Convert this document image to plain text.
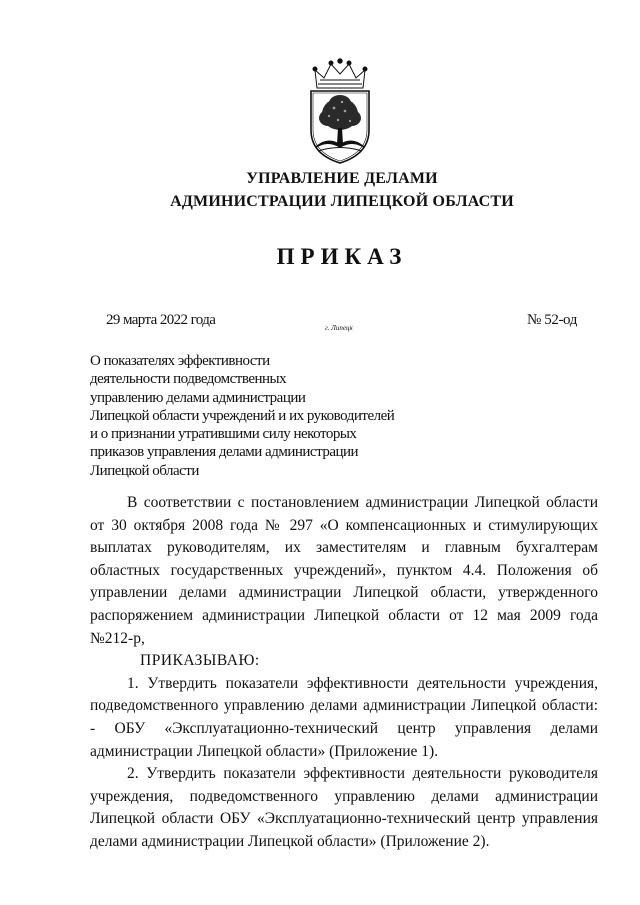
УПРАВЛЕНИЕ ДЕЛАМИ
АДМИНИСТРАЦИИ ЛИПЕЦКОЙ ОБЛАСТИ
ПРИКАЗ
29 марта 2022 года	№ 52-од
г. Липецк
О показателях эффективности
деятельности подведомственных
управлению делами администрации
Липецкой области учреждений и их руководителей
и о признании утратившими силу некоторых
приказов управления делами администрации
Липецкой области

В соответствии с постановлением администрации Липецкой области от 30 октября 2008 года № 297 «О компенсационных и стимулирующих выплатах руководителям, их заместителям и главным бухгалтерам областных государственных учреждений», пунктом 4.4. Положения об управлении делами администрации Липецкой области, утвержденного распоряжением администрации Липецкой области от 12 мая 2009 года №212-р,

ПРИКАЗЫВАЮ:

1. Утвердить показатели эффективности деятельности учреждения, подведомственного управлению делами администрации Липецкой области: - ОБУ «Эксплуатационно-технический центр управления делами администрации Липецкой области» (Приложение 1).

2. Утвердить показатели эффективности деятельности руководителя учреждения, подведомственного управлению делами администрации Липецкой области ОБУ «Эксплуатационно-технический центр управления делами администрации Липецкой области» (Приложение 2).
